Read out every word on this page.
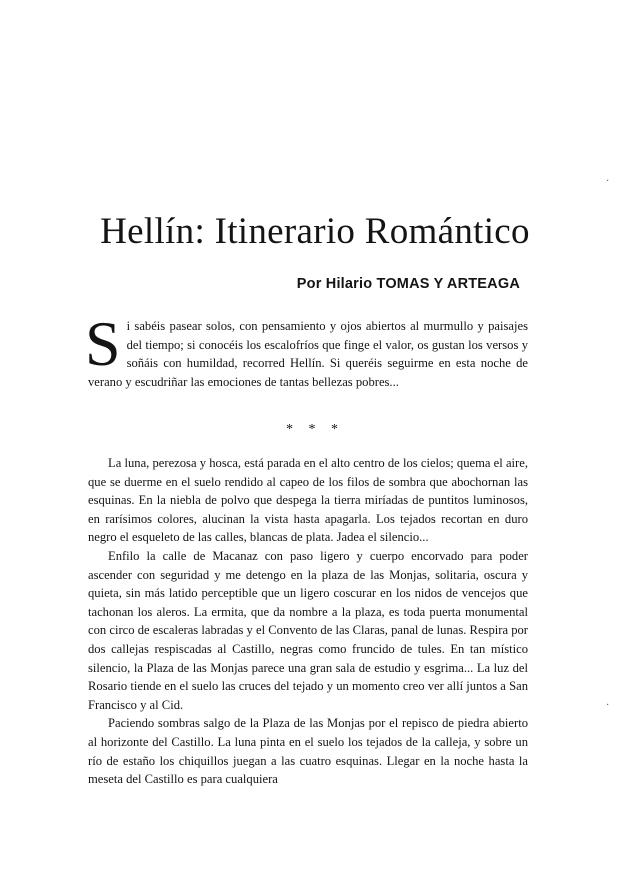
Hellín: Itinerario Romántico
Por Hilario TOMAS Y ARTEAGA
Si sabéis pasear solos, con pensamiento y ojos abiertos al murmullo y paisajes del tiempo; si conocéis los escalofríos que finge el valor, os gustan los versos y soñáis con humildad, recorred Hellín. Si queréis seguirme en esta noche de verano y escudriñar las emociones de tantas bellezas pobres...
* * *

La luna, perezosa y hosca, está parada en el alto centro de los cielos; quema el aire, que se duerme en el suelo rendido al capeo de los filos de sombra que abochornan las esquinas. En la niebla de polvo que despega la tierra miríadas de puntitos luminosos, en rarísimos colores, alucinan la vista hasta apagarla. Los tejados recortan en duro negro el esqueleto de las calles, blancas de plata. Jadea el silencio...

Enfilo la calle de Macanaz con paso ligero y cuerpo encorvado para poder ascender con seguridad y me detengo en la plaza de las Monjas, solitaria, oscura y quieta, sin más latido perceptible que un ligero coscurar en los nidos de vencejos que tachonan los aleros. La ermita, que da nombre a la plaza, es toda puerta monumental con circo de escaleras labradas y el Convento de las Claras, panal de lunas. Respira por dos callejas respiscadas al Castillo, negras como fruncido de tules. En tan místico silencio, la Plaza de las Monjas parece una gran sala de estudio y esgrima... La luz del Rosario tiende en el suelo las cruces del tejado y un momento creo ver allí juntos a San Francisco y al Cid.

Paciendo sombras salgo de la Plaza de las Monjas por el repisco de piedra abierto al horizonte del Castillo. La luna pinta en el suelo los tejados de la calleja, y sobre un río de estaño los chiquillos juegan a las cuatro esquinas. Llegar en la noche hasta la meseta del Castillo es para cualquiera

·
·
